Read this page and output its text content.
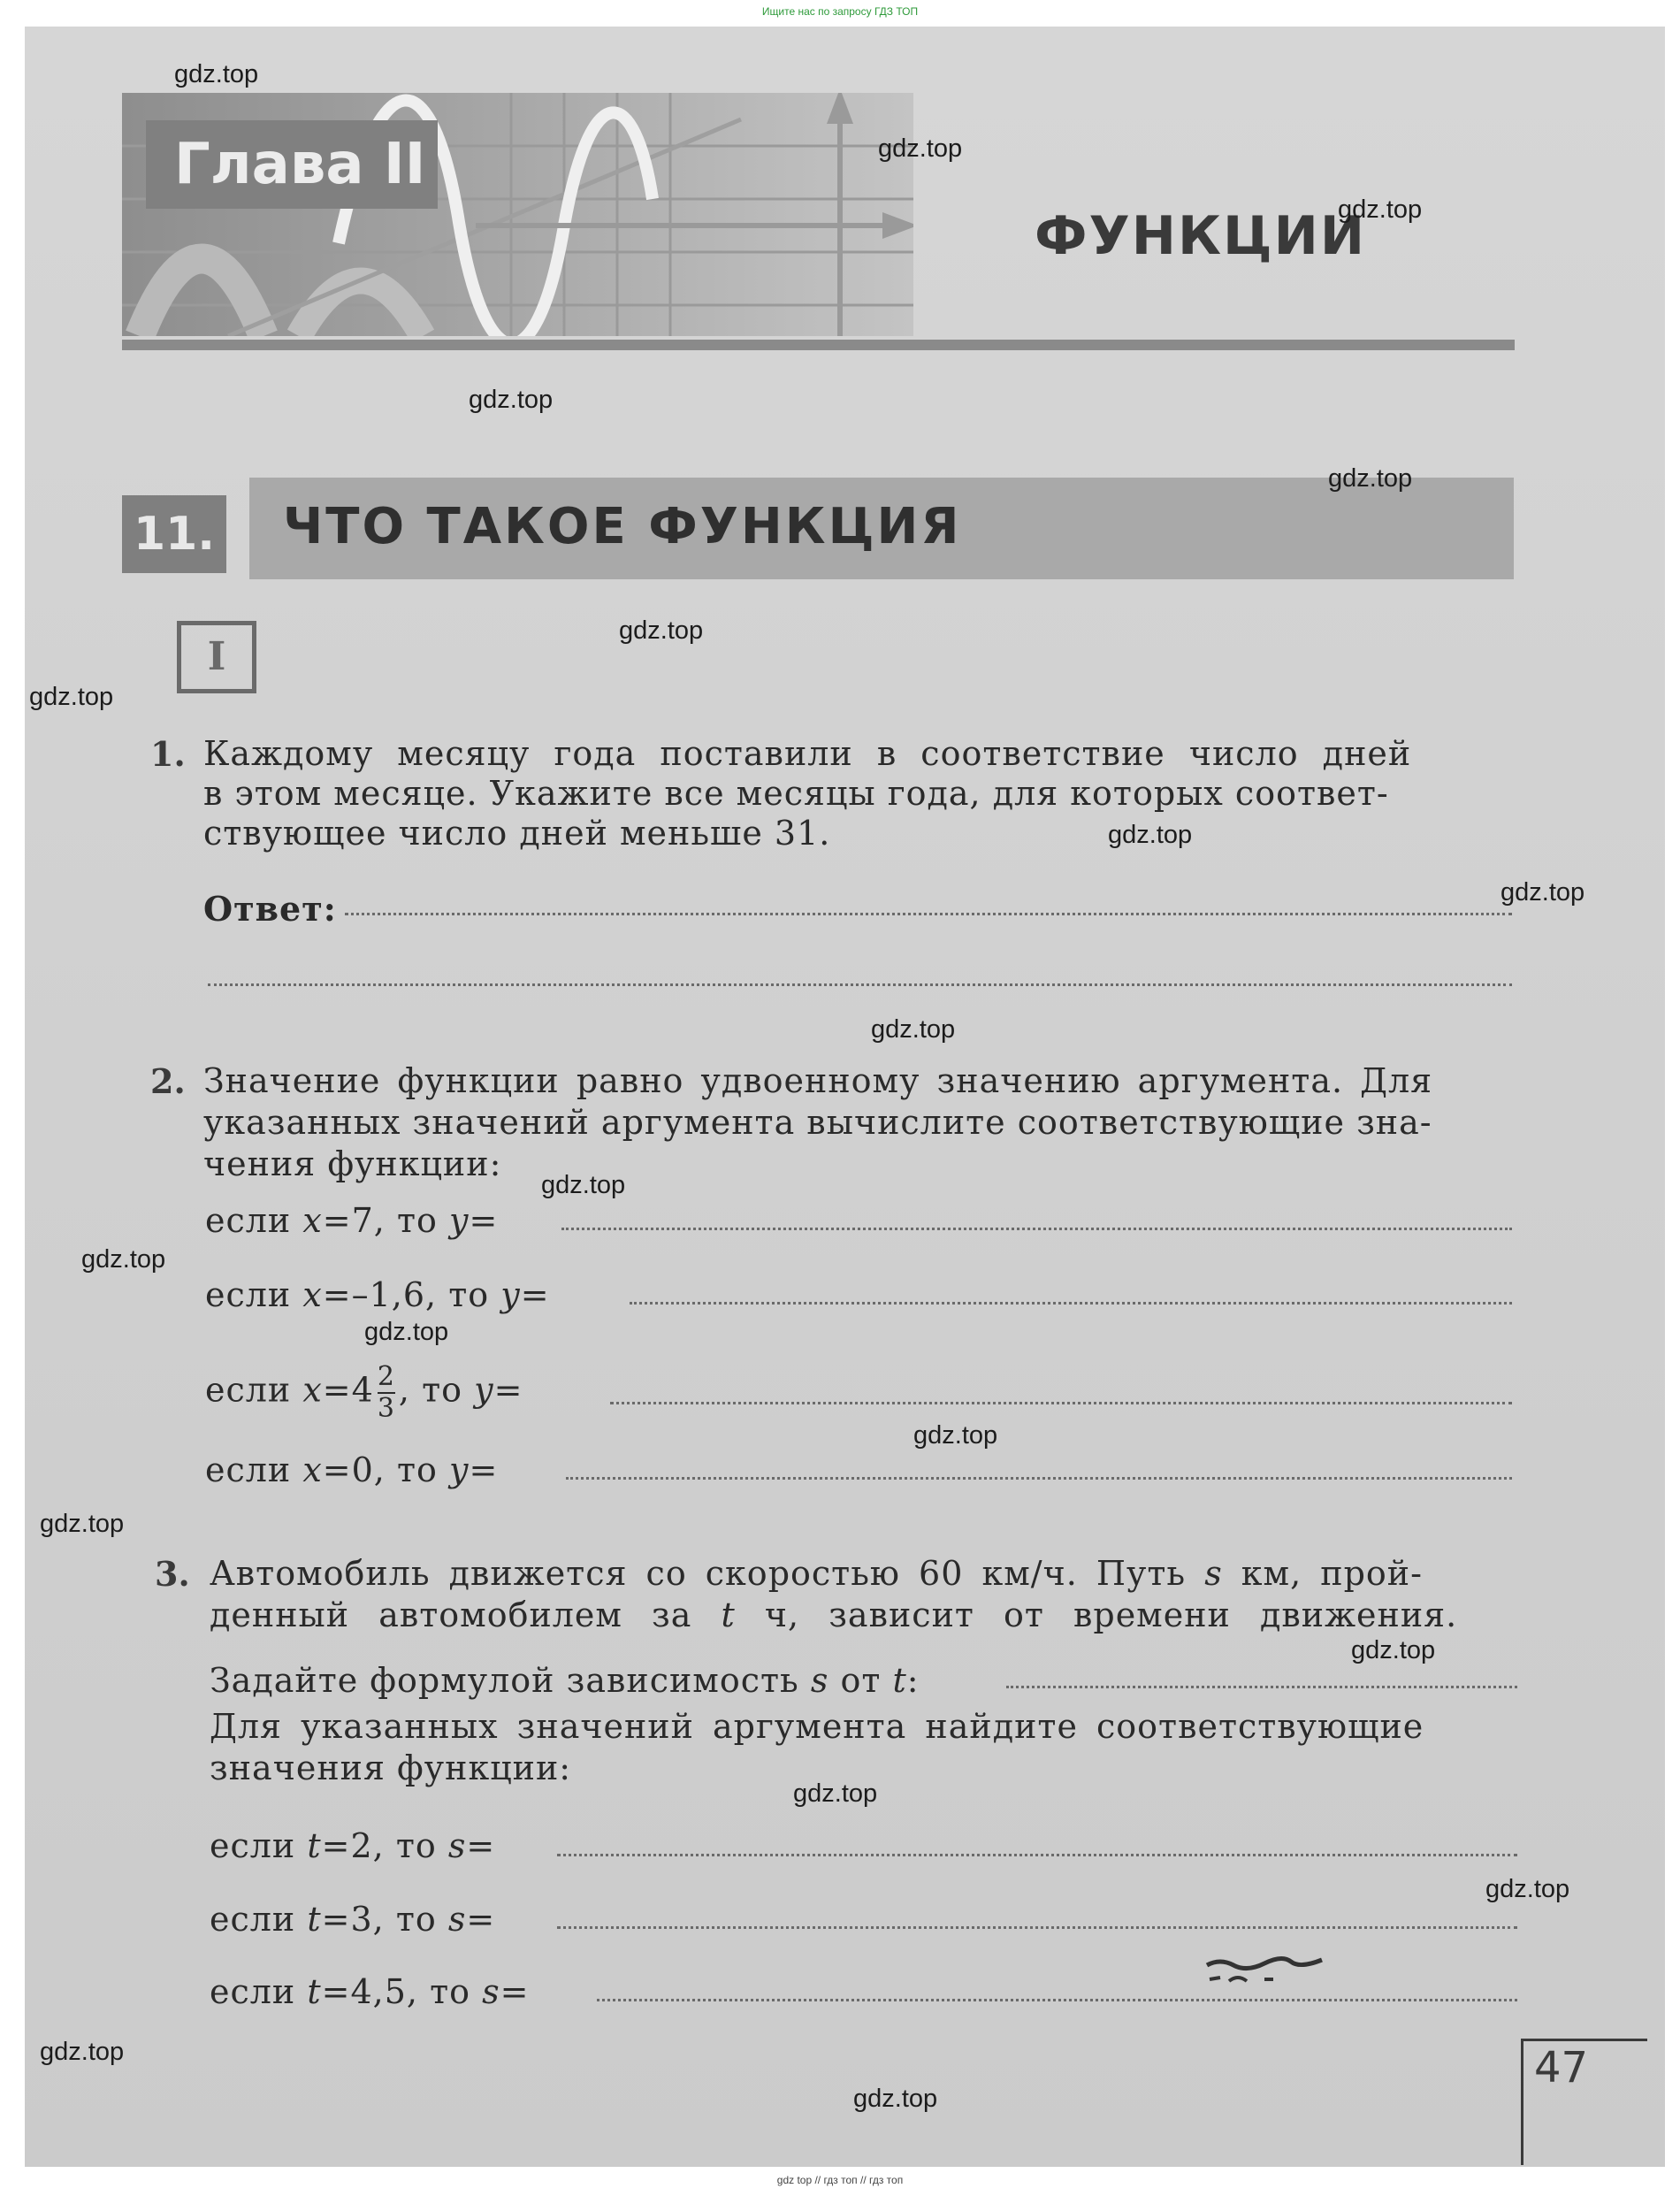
Ищите нас по запросу ГДЗ ТОП
Глава II
ФУНКЦИИ
11. ЧТО ТАКОЕ ФУНКЦИЯ
I
1. Каждому месяцу года поставили в соответствие число дней
в этом месяце. Укажите все месяцы года, для которых соответ-
ствующее число дней меньше 31.
Ответ:
2. Значение функции равно удвоенному значению аргумента. Для
указанных значений аргумента вычислите соответствующие зна-
чения функции:
если x=7, то y=
если x=–1,6, то y=
если $x=4 \frac{2}{3}$ , то y=
если x=0, то y=
3. Автомобиль движется со скоростью 60 км/ч. Путь s км, прой-
денный автомобилем за t ч, зависит от времени движения.
Задайте формулой зависимость s от t:
Для указанных значений аргумента найдите соответствующие
значения функции:
если t=2, то s=
если t=3, то s=
если t=4,5, то s=
47
gdz.top
gdz.top
gdz.top
gdz.top
gdz.top
gdz.top
gdz.top
gdz.top
gdz.top
gdz.top
gdz.top
gdz.top
gdz.top
gdz.top
gdz.top
gdz.top
gdz.top
gdz.top
gdz.top
gdz.top
gdz top // гдз топ // гдз топ
